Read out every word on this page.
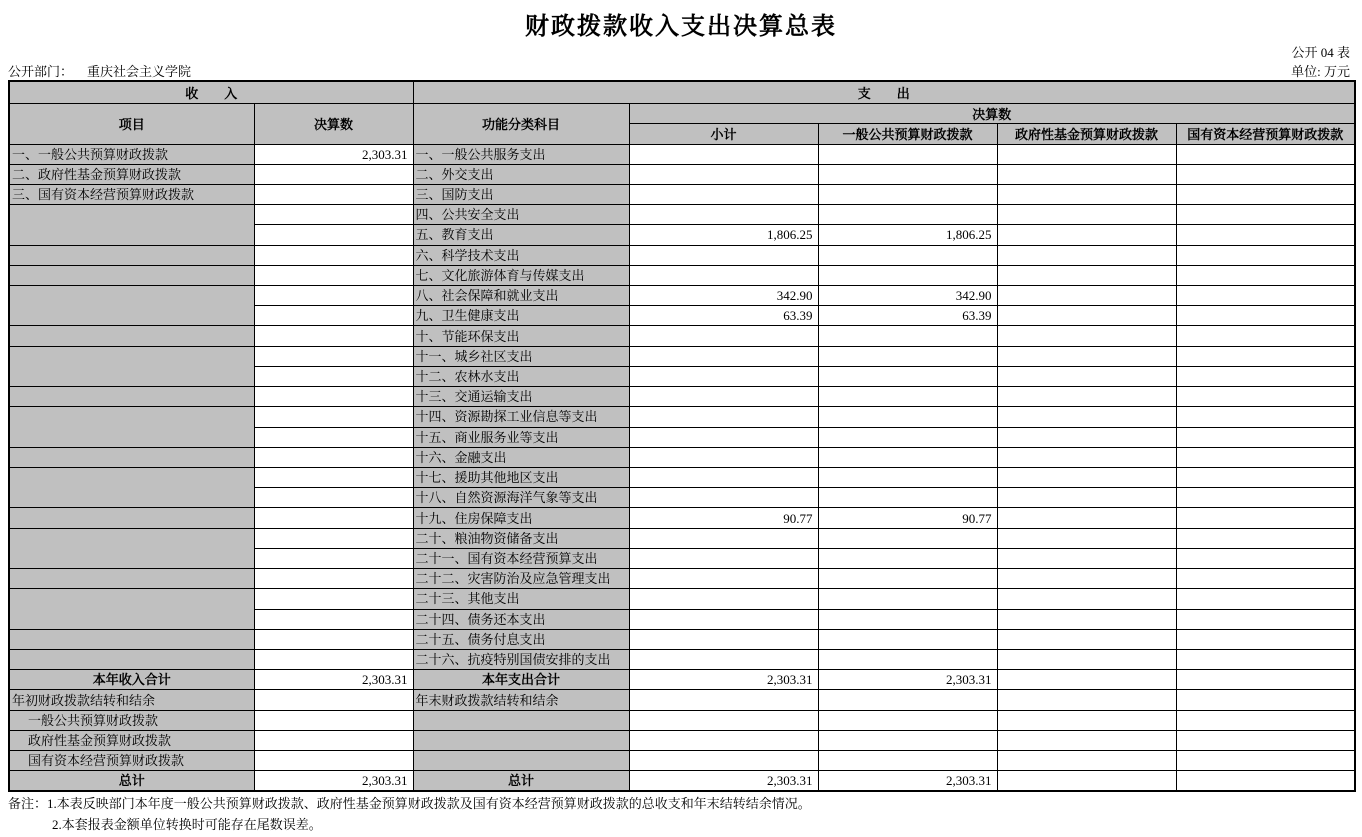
财政拨款收入支出决算总表
公开 04 表
公开部门： 重庆社会主义学院	单位: 万元
收　　入		支　　出				
项目	决算数	功能分类科目	决算数			
			小计	一般公共预算财政拨款	政府性基金预算财政拨款	国有资本经营预算财政拨款
一、一般公共预算财政拨款	2,303.31	一、一般公共服务支出				
二、政府性基金预算财政拨款		二、外交支出				
三、国有资本经营预算财政拨款		三、国防支出				
		四、公共安全支出				
		五、教育支出	1,806.25	1,806.25		
		六、科学技术支出				
		七、文化旅游体育与传媒支出				
		八、社会保障和就业支出	342.90	342.90		
		九、卫生健康支出	63.39	63.39		
		十、节能环保支出				
		十一、城乡社区支出				
		十二、农林水支出				
		十三、交通运输支出				
		十四、资源勘探工业信息等支出				
		十五、商业服务业等支出				
		十六、金融支出				
		十七、援助其他地区支出				
		十八、自然资源海洋气象等支出				
		十九、住房保障支出	90.77	90.77		
		二十、粮油物资储备支出				
		二十一、国有资本经营预算支出				
		二十二、灾害防治及应急管理支出				
		二十三、其他支出				
		二十四、债务还本支出				
		二十五、债务付息支出				
		二十六、抗疫特别国债安排的支出				
本年收入合计	2,303.31	本年支出合计	2,303.31	2,303.31		
年初财政拨款结转和结余		年末财政拨款结转和结余				
一般公共预算财政拨款						
政府性基金预算财政拨款						
国有资本经营预算财政拨款						
总计	2,303.31	总计	2,303.31	2,303.31		
备注：1.本表反映部门本年度一般公共预算财政拨款、政府性基金预算财政拨款及国有资本经营预算财政拨款的总收支和年末结转结余情况。
2.本套报表金额单位转换时可能存在尾数误差。
